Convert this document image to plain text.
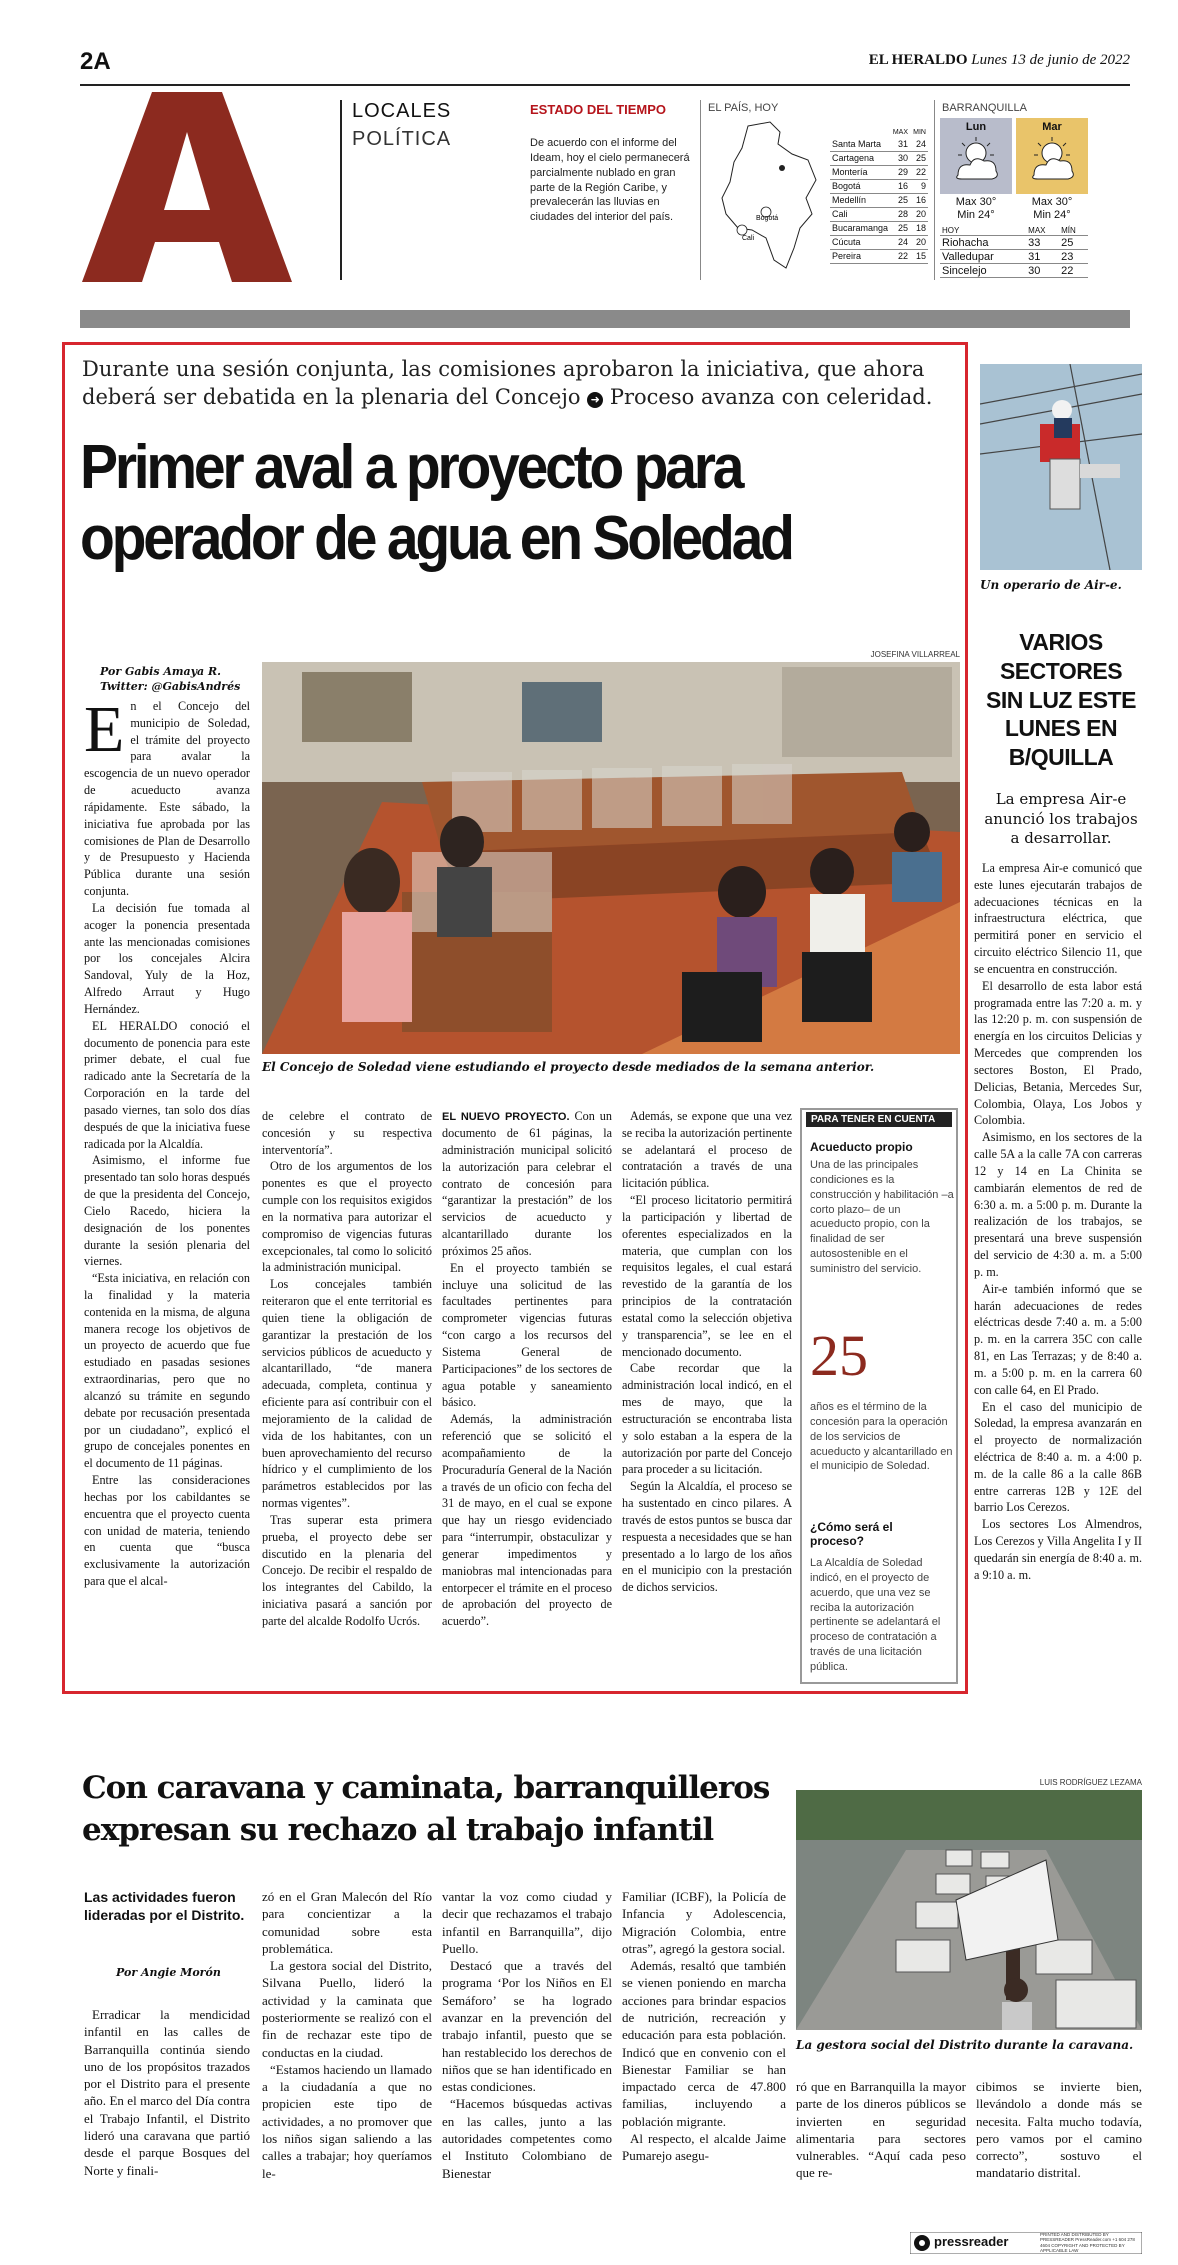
2A	EL HERALDO Lunes 13 de junio de 2022
A
LOCALES
POLÍTICA
ESTADO DEL TIEMPO
De acuerdo con el informe del Ideam, hoy el cielo permanecerá parcialmente nublado en gran parte de la Región Caribe, y prevalecerán las lluvias en ciudades del interior del país.
EL PAÍS, HOY
Bogotá
Cali
	MAX	MIN
Santa Marta	31	24
Cartagena	30	25
Montería	29	22
Bogotá	16	9
Medellín	25	16
Cali	28	20
Bucaramanga	25	18
Cúcuta	24	20
Pereira	22	15
BARRANQUILLA
Lun	Mar
Max 30°
Min 24°
Max 30°
Min 24°
HOY	MAX	MÍN
Riohacha	33	25
Valledupar	31	23
Sincelejo	30	22
Durante una sesión conjunta, las comisiones aprobaron la iniciativa, que ahora deberá ser debatida en la plenaria del Concejo ➜ Proceso avanza con celeridad.
Primer aval a proyecto para operador de agua en Soledad
Por Gabis Amaya R.
Twitter: @GabisAndrés
JOSEFINA VILLARREAL
El Concejo de Soledad viene estudiando el proyecto desde mediados de la semana anterior.

En el Concejo del municipio de Soledad, el trámite del proyecto para avalar la escogencia de un nuevo operador de acueducto avanza rápidamente. Este sábado, la iniciativa fue aprobada por las comisiones de Plan de Desarrollo y de Presupuesto y Hacienda Pública durante una sesión conjunta.

La decisión fue tomada al acoger la ponencia presentada ante las mencionadas comisiones por los concejales Alcira Sandoval, Yuly de la Hoz, Alfredo Arraut y Hugo Hernández.

EL HERALDO conoció el documento de ponencia para este primer debate, el cual fue radicado ante la Secretaría de la Corporación en la tarde del pasado viernes, tan solo dos días después de que la iniciativa fuese radicada por la Alcaldía.

Asimismo, el informe fue presentado tan solo horas después de que la presidenta del Concejo, Cielo Racedo, hiciera la designación de los ponentes durante la sesión plenaria del viernes.

“Esta iniciativa, en relación con la finalidad y la materia contenida en la misma, de alguna manera recoge los objetivos de un proyecto de acuerdo que fue estudiado en pasadas sesiones extraordinarias, pero que no alcanzó su trámite en segundo debate por recusación presentada por un ciudadano”, explicó el grupo de concejales ponentes en el documento de 11 páginas.

Entre las consideraciones hechas por los cabildantes se encuentra que el proyecto cuenta con unidad de materia, teniendo en cuenta que “busca exclusivamente la autorización para que el alcal-

de celebre el contrato de concesión y su respectiva interventoría”.

Otro de los argumentos de los ponentes es que el proyecto cumple con los requisitos exigidos en la normativa para autorizar el compromiso de vigencias futuras excepcionales, tal como lo solicitó la administración municipal.

Los concejales también reiteraron que el ente territorial es quien tiene la obligación de garantizar la prestación de los servicios públicos de acueducto y alcantarillado, “de manera adecuada, completa, continua y eficiente para así contribuir con el mejoramiento de la calidad de vida de los habitantes, con un buen aprovechamiento del recurso hídrico y el cumplimiento de los parámetros establecidos por las normas vigentes”.

Tras superar esta primera prueba, el proyecto debe ser discutido en la plenaria del Concejo. De recibir el respaldo de los integrantes del Cabildo, la iniciativa pasará a sanción por parte del alcalde Rodolfo Ucrós.

EL NUEVO PROYECTO. Con un documento de 61 páginas, la administración municipal solicitó la autorización para celebrar el contrato de concesión para “garantizar la prestación” de los servicios de acueducto y alcantarillado durante los próximos 25 años.

En el proyecto también se incluye una solicitud de las facultades pertinentes para comprometer vigencias futuras “con cargo a los recursos del Sistema General de Participaciones” de los sectores de agua potable y saneamiento básico.

Además, la administración referenció que se solicitó el acompañamiento de la Procuraduría General de la Nación a través de un oficio con fecha del 31 de mayo, en el cual se expone que hay un riesgo evidenciado para “interrumpir, obstaculizar y generar impedimentos y maniobras mal intencionadas para entorpecer el trámite en el proceso de aprobación del proyecto de acuerdo”.

Además, se expone que una vez se reciba la autorización pertinente se adelantará el proceso de contratación a través de una licitación pública.

“El proceso licitatorio permitirá la participación y libertad de oferentes especializados en la materia, que cumplan con los requisitos legales, el cual estará revestido de la garantía de los principios de la contratación estatal como la selección objetiva y transparencia”, se lee en el mencionado documento.

Cabe recordar que la administración local indicó, en el mes de mayo, que la estructuración se encontraba lista y solo estaban a la espera de la autorización por parte del Concejo para proceder a su licitación.

Según la Alcaldía, el proceso se ha sustentado en cinco pilares. A través de estos puntos se busca dar respuesta a necesidades que se han presentado a lo largo de los años en el municipio con la prestación de dichos servicios.

PARA TENER EN CUENTA
Acueducto propio
Una de las principales condiciones es la construcción y habilitación –a corto plazo– de un acueducto propio, con la finalidad de ser autosostenible en el suministro del servicio.
25
años es el término de la concesión para la operación de los servicios de acueducto y alcantarillado en el municipio de Soledad.
¿Cómo será el proceso?
La Alcaldía de Soledad indicó, en el proyecto de acuerdo, que una vez se reciba la autorización pertinente se adelantará el proceso de contratación a través de una licitación pública.
Un operario de Air-e.
VARIOS SECTORES SIN LUZ ESTE LUNES EN B/QUILLA
La empresa Air-e anunció los trabajos a desarrollar.

La empresa Air-e comunicó que este lunes ejecutarán trabajos de adecuaciones técnicas en la infraestructura eléctrica, que permitirá poner en servicio el circuito eléctrico Silencio 11, que se encuentra en construcción.

El desarrollo de esta labor está programada entre las 7:20 a. m. y las 12:20 p. m. con suspensión de energía en los circuitos Delicias y Mercedes que comprenden los sectores Boston, El Prado, Delicias, Betania, Mercedes Sur, Colombia, Olaya, Los Jobos y Colombia.

Asimismo, en los sectores de la calle 5A a la calle 7A con carreras 12 y 14 en La Chinita se cambiarán elementos de red de 6:30 a. m. a 5:00 p. m. Durante la realización de los trabajos, se presentará una breve suspensión del servicio de 4:30 a. m. a 5:00 p. m.

Air-e también informó que se harán adecuaciones de redes eléctricas desde 7:40 a. m. a 5:00 p. m. en la carrera 35C con calle 81, en Las Terrazas; y de 8:40 a. m. a 5:00 p. m. en la carrera 60 con calle 64, en El Prado.

En el caso del municipio de Soledad, la empresa avanzarán en el proyecto de normalización eléctrica de 8:40 a. m. a 4:00 p. m. de la calle 86 a la calle 86B entre carreras 12B y 12E del barrio Los Cerezos.

Los sectores Los Almendros, Los Cerezos y Villa Angelita I y II quedarán sin energía de 8:40 a. m. a 9:10 a. m.

LUIS RODRÍGUEZ LEZAMA
Con caravana y caminata, barranquilleros expresan su rechazo al trabajo infantil
La gestora social del Distrito durante la caravana.
Las actividades fueron lideradas por el Distrito.
Por Angie Morón

Erradicar la mendicidad infantil en las calles de Barranquilla continúa siendo uno de los propósitos trazados por el Distrito para el presente año. En el marco del Día contra el Trabajo Infantil, el Distrito lideró una caravana que partió desde el parque Bosques del Norte y finali-

zó en el Gran Malecón del Río para concientizar a la comunidad sobre esta problemática.

La gestora social del Distrito, Silvana Puello, lideró la actividad y la caminata que posteriormente se realizó con el fin de rechazar este tipo de conductas en la ciudad.

“Estamos haciendo un llamado a la ciudadanía a que no propicien este tipo de actividades, a no promover que los niños sigan saliendo a las calles a trabajar; hoy queríamos le-

vantar la voz como ciudad y decir que rechazamos el trabajo infantil en Barranquilla”, dijo Puello.

Destacó que a través del programa ‘Por los Niños en El Semáforo’ se ha logrado avanzar en la prevención del trabajo infantil, puesto que se han restablecido los derechos de niños que se han identificado en estas condiciones.

“Hacemos búsquedas activas en las calles, junto a las autoridades competentes como el Instituto Colombiano de Bienestar

Familiar (ICBF), la Policía de Infancia y Adolescencia, Migración Colombia, entre otras”, agregó la gestora social.

Además, resaltó que también se vienen poniendo en marcha acciones para brindar espacios de nutrición, recreación y educación para esta población. Indicó que en convenio con el Bienestar Familiar se han impactado cerca de 47.800 familias, incluyendo a población migrante.

Al respecto, el alcalde Jaime Pumarejo asegu-

ró que en Barranquilla la mayor parte de los dineros públicos se invierten en seguridad alimentaria para sectores vulnerables. “Aquí cada peso que re-

cibimos se invierte bien, llevándolo a donde más se necesita. Falta mucho todavía, pero vamos por el camino correcto”, sostuvo el mandatario distrital.

pressreader	PRINTED AND DISTRIBUTED BY PRESSREADER PressReader.com +1 604 278 4604 COPYRIGHT AND PROTECTED BY APPLICABLE LAW
